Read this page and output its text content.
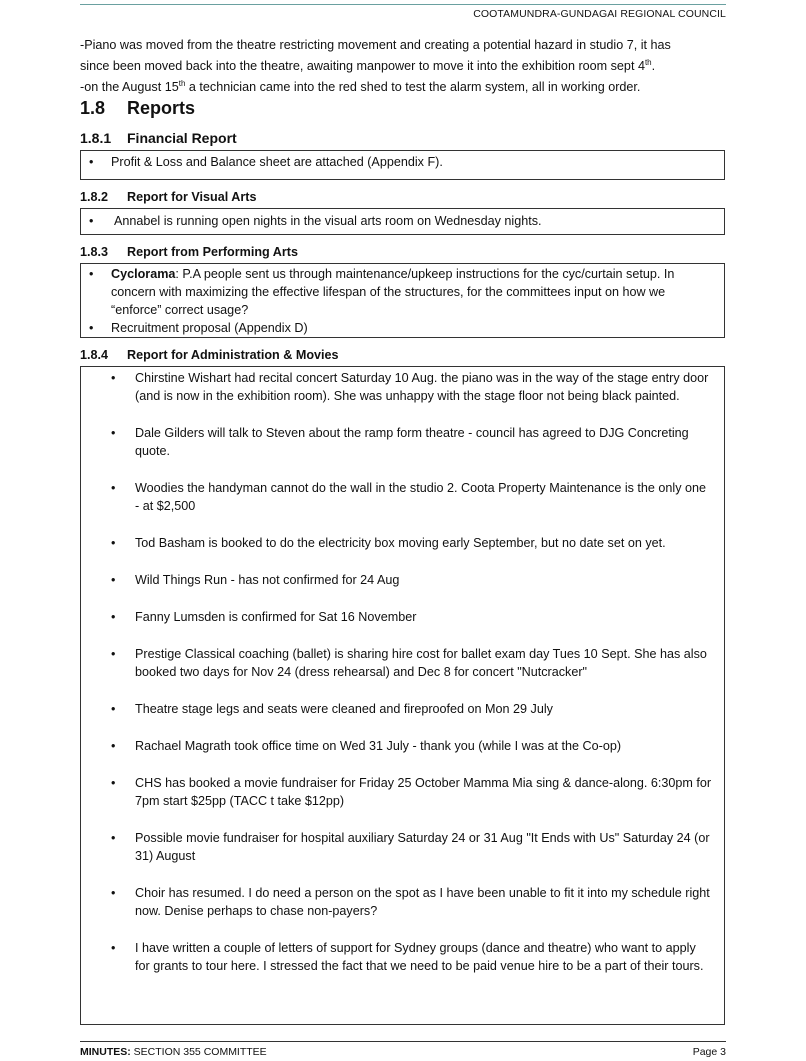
COOTAMUNDRA-GUNDAGAI REGIONAL COUNCIL

-Piano was moved from the theatre restricting movement and creating a potential hazard in studio 7, it has

since been moved back into the theatre, awaiting manpower to move it into the exhibition room sept 4th.

-on the August 15th a technician came into the red shed to test the alarm system, all in working order.

1.8 Reports
1.8.1 Financial Report
• Profit & Loss and Balance sheet are attached (Appendix F).
1.8.2 Report for Visual Arts
• Annabel is running open nights in the visual arts room on Wednesday nights.
1.8.3 Report from Performing Arts
• Cyclorama: P.A people sent us through maintenance/upkeep instructions for the cyc/curtain setup. In concern with maximizing the effective lifespan of the structures, for the committees input on how we “enforce” correct usage?
• Recruitment proposal (Appendix D)
1.8.4 Report for Administration & Movies
• Chirstine Wishart had recital concert Saturday 10 Aug. the piano was in the way of the stage entry door (and is now in the exhibition room). She was unhappy with the stage floor not being black painted.
• Dale Gilders will talk to Steven about the ramp form theatre - council has agreed to DJG Concreting quote.
• Woodies the handyman cannot do the wall in the studio 2. Coota Property Maintenance is the only one - at $2,500
• Tod Basham is booked to do the electricity box moving early September, but no date set on yet.
• Wild Things Run - has not confirmed for 24 Aug
• Fanny Lumsden is confirmed for Sat 16 November
• Prestige Classical coaching (ballet) is sharing hire cost for ballet exam day Tues 10 Sept. She has also booked two days for Nov 24 (dress rehearsal) and Dec 8 for concert "Nutcracker"
• Theatre stage legs and seats were cleaned and fireproofed on Mon 29 July
• Rachael Magrath took office time on Wed 31 July - thank you (while I was at the Co-op)
• CHS has booked a movie fundraiser for Friday 25 October Mamma Mia sing & dance-along. 6:30pm for 7pm start $25pp (TACC t take $12pp)
• Possible movie fundraiser for hospital auxiliary Saturday 24 or 31 Aug "It Ends with Us" Saturday 24 (or 31) August
• Choir has resumed. I do need a person on the spot as I have been unable to fit it into my schedule right now. Denise perhaps to chase non-payers?
• I have written a couple of letters of support for Sydney groups (dance and theatre) who want to apply for grants to tour here. I stressed the fact that we need to be paid venue hire to be a part of their tours.
MINUTES: SECTION 355 COMMITTEE	Page 3
